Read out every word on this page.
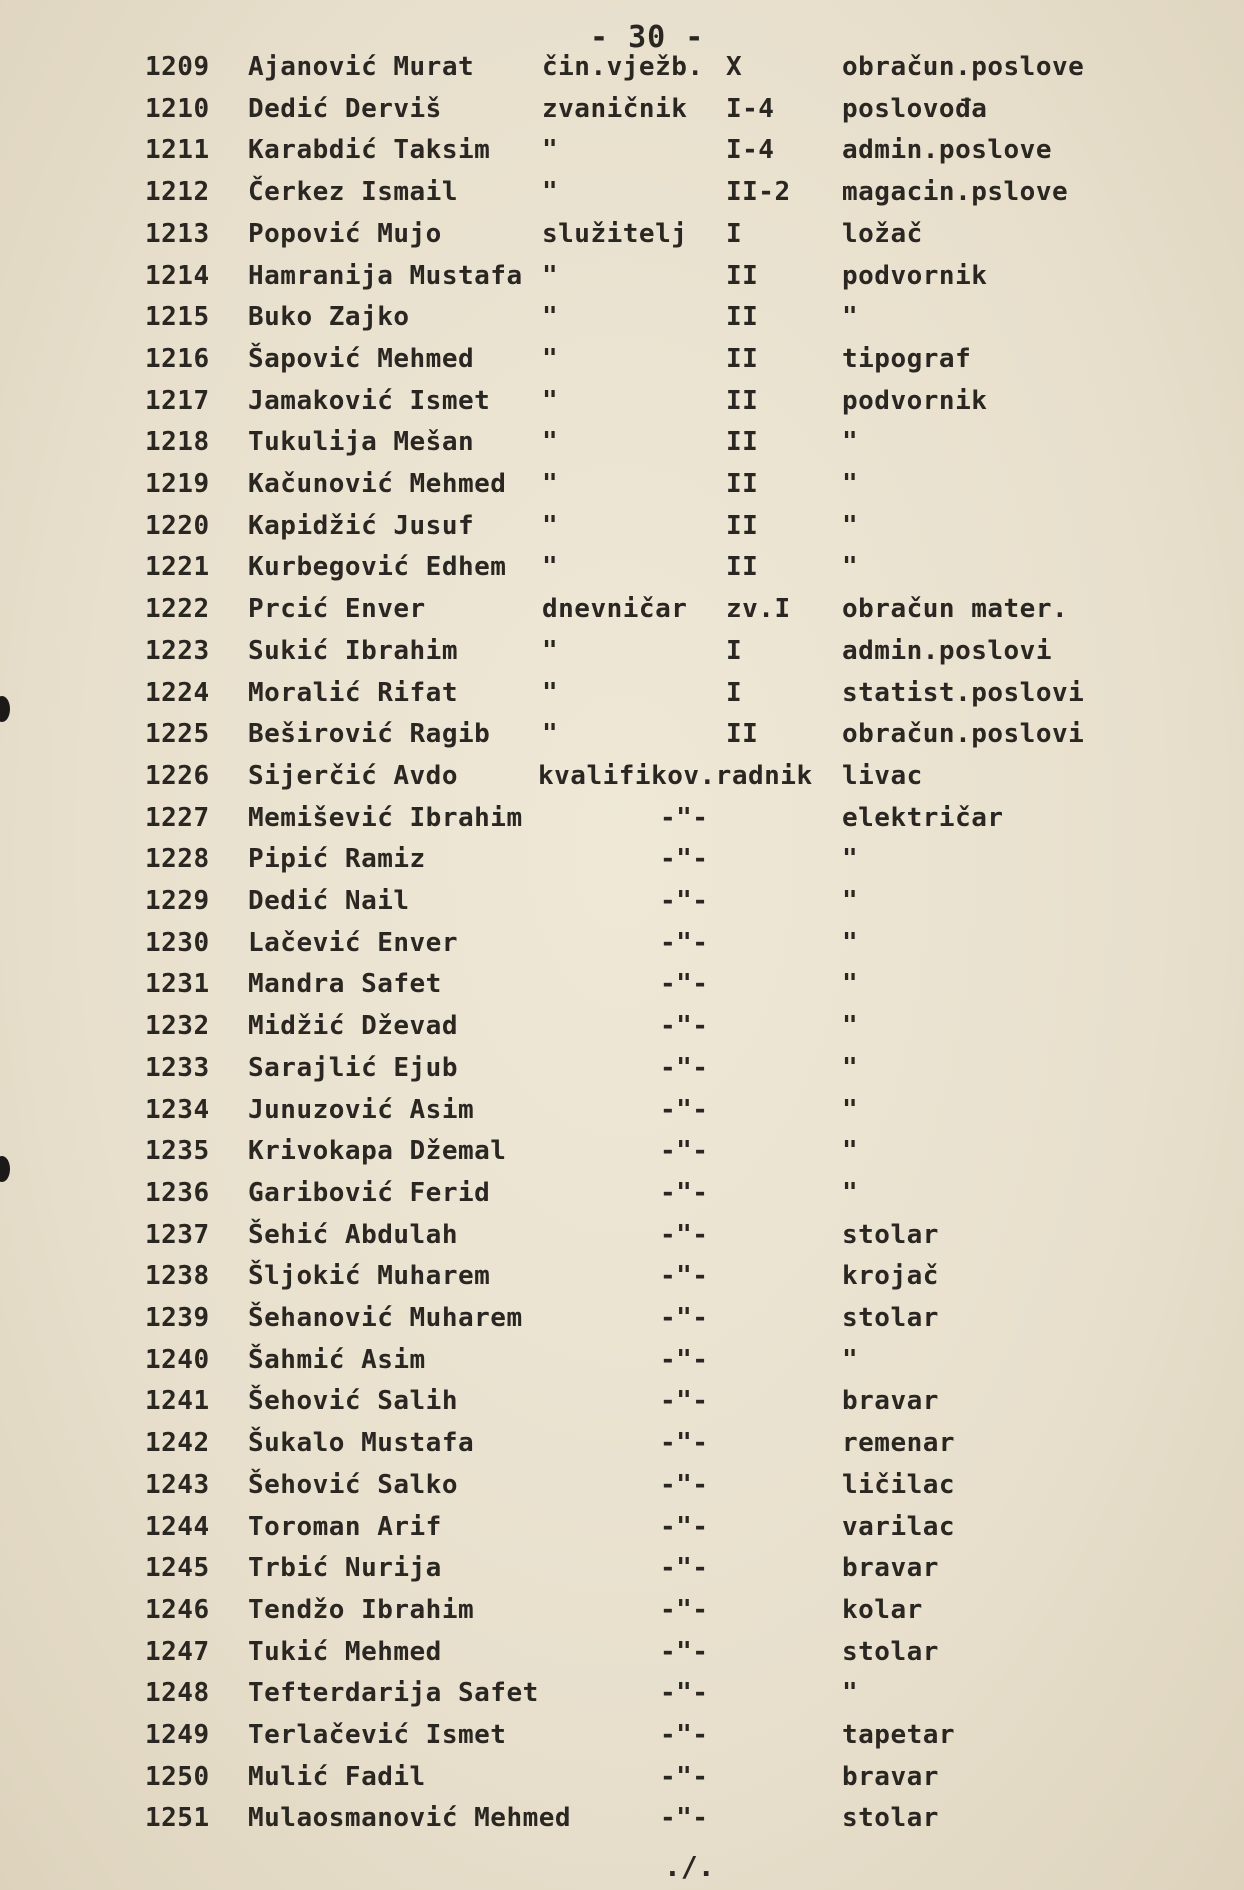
- 30 -
1209 Ajanović Murat	čin.vježb. X	obračun.poslove
1210 Dedić Derviš	zvaničnik I-4	poslovođa
1211 Karabdić Taksim "	I-4	admin.poslove
1212 Čerkez Ismail	"	II-2 magacin.pslove
1213 Popović Mujo	služitelj I	ložač
1214 Hamranija Mustafa "	II	podvornik
1215 Buko Zajko	"	II	"
1216 Šapović Mehmed	"	II	tipograf
1217 Jamaković Ismet "	II	podvornik
1218 Tukulija Mešan	"	II	"
1219 Kačunović Mehmed "	II	"
1220 Kapidžić Jusuf	"	II	"
1221 Kurbegović Edhem "	II	"
1222 Prcić Enver	dnevničar zv.I obračun mater.
1223 Sukić Ibrahim	"	I	admin.poslovi
1224 Moralić Rifat	"	I	statist.poslovi
1225 Beširović Ragib "	II	obračun.poslovi
1226 Sijerčić Avdo	kvalifikov.radnik livac
1227 Memišević Ibrahim	-"-	električar
1228 Pipić Ramiz	-"-	"
1229 Dedić Nail	-"-	"
1230 Lačević Enver	-"-	"
1231 Mandra Safet	-"-	"
1232 Midžić Dževad	-"-	"
1233 Sarajlić Ejub	-"-	"
1234 Junuzović Asim	-"-	"
1235 Krivokapa Džemal	-"-	"
1236 Garibović Ferid	-"-	"
1237 Šehić Abdulah	-"-	stolar
1238 Šljokić Muharem	-"-	krojač
1239 Šehanović Muharem	-"-	stolar
1240 Šahmić Asim	-"-	"
1241 Šehović Salih	-"-	bravar
1242 Šukalo Mustafa	-"-	remenar
1243 Šehović Salko	-"-	ličilac
1244 Toroman Arif	-"-	varilac
1245 Trbić Nurija	-"-	bravar
1246 Tendžo Ibrahim	-"-	kolar
1247 Tukić Mehmed	-"-	stolar
1248 Tefterdarija Safet	-"-	"
1249 Terlačević Ismet	-"-	tapetar
1250 Mulić Fadil	-"-	bravar
1251 Mulaosmanović Mehmed	-"-	stolar
./.
